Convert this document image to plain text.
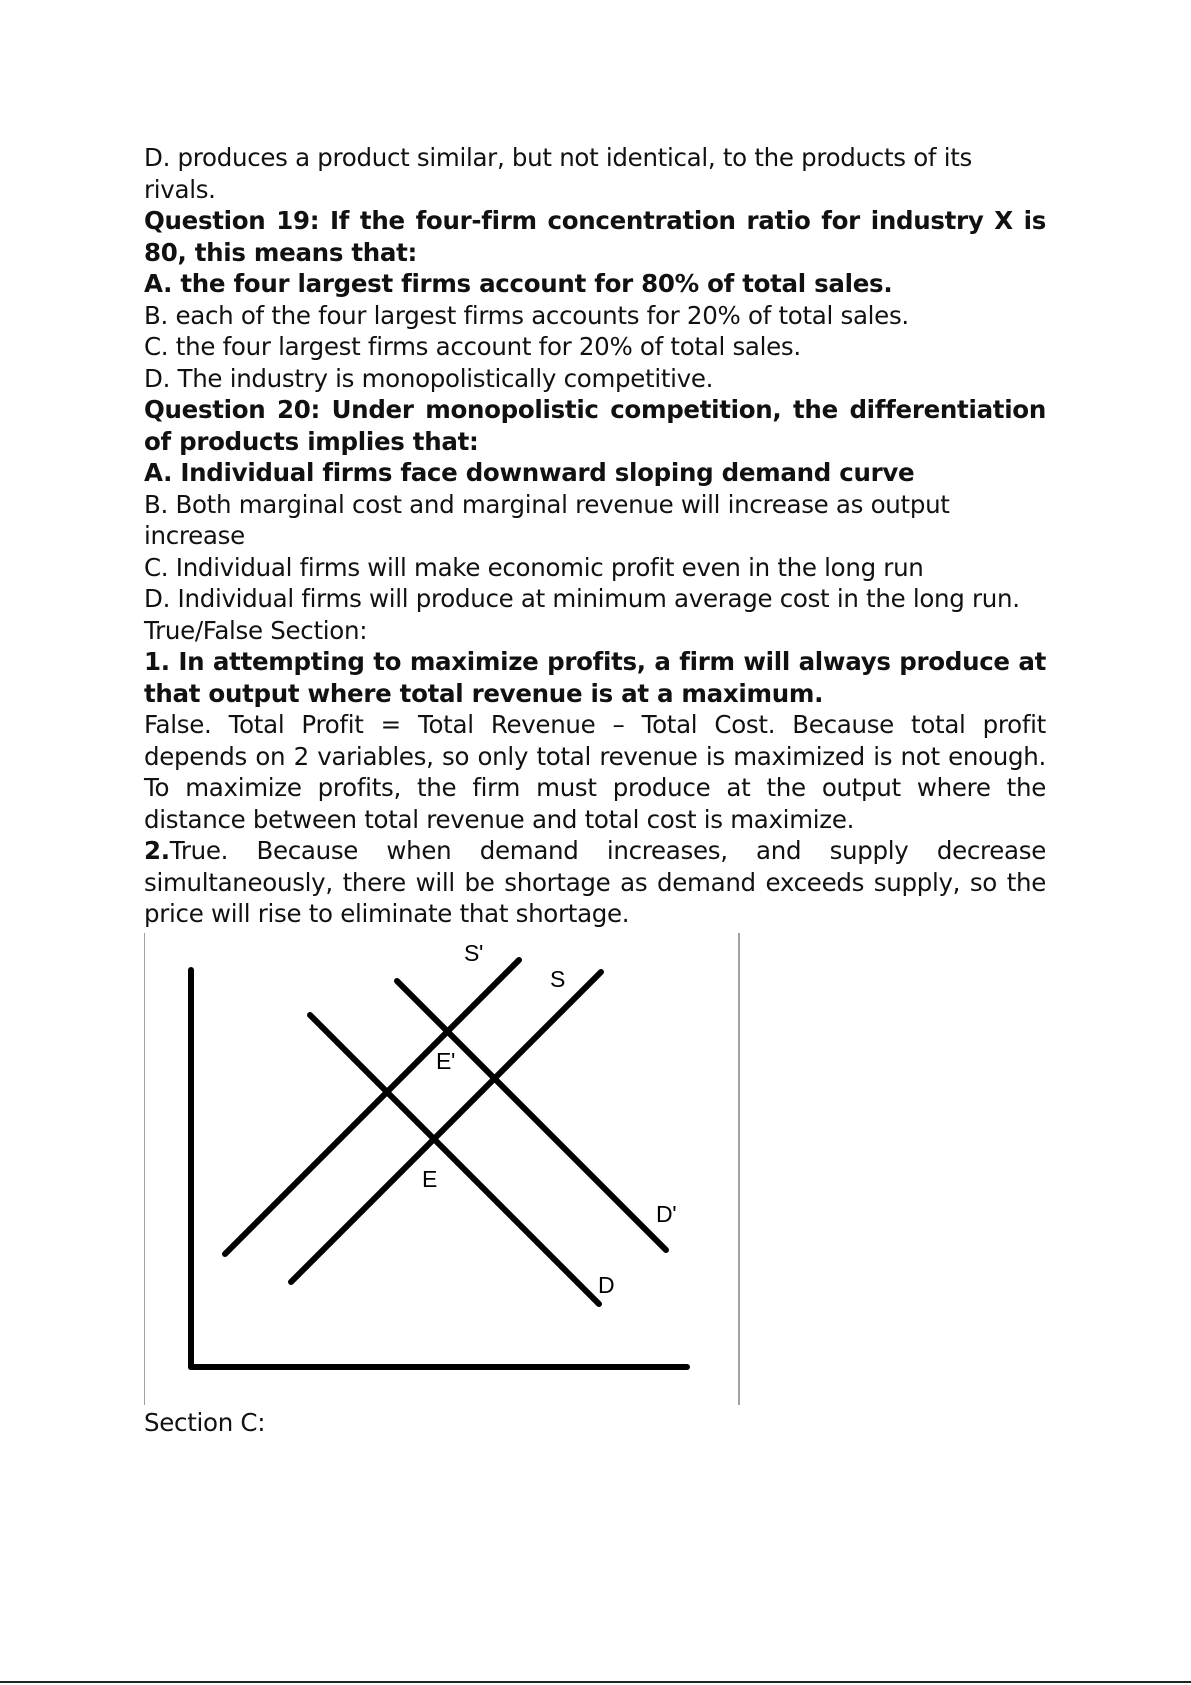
D. produces a product similar, but not identical, to the products of its rivals.

Question 19: If the four-firm concentration ratio for industry X is 80, this means that:

A. the four largest firms account for 80% of total sales.

B. each of the four largest firms accounts for 20% of total sales.

C. the four largest firms account for 20% of total sales.

D. The industry is monopolistically competitive.

Question 20: Under monopolistic competition, the differentiation of products implies that:

A. Individual firms face downward sloping demand curve

B. Both marginal cost and marginal revenue will increase as output increase

C. Individual firms will make economic profit even in the long run

D. Individual firms will produce at minimum average cost in the long run.

True/False Section:

1. In attempting to maximize profits, a firm will always produce at that output where total revenue is at a maximum.

False. Total Profit = Total Revenue – Total Cost. Because total profit depends on 2 variables, so only total revenue is maximized is not enough. To maximize profits, the firm must produce at the output where the distance between total revenue and total cost is maximize.

2.True. Because when demand increases, and supply decrease simultaneously, there will be shortage as demand exceeds supply, so the price will rise to eliminate that shortage.

S'
S
E'
E
D'
D

Section C:
